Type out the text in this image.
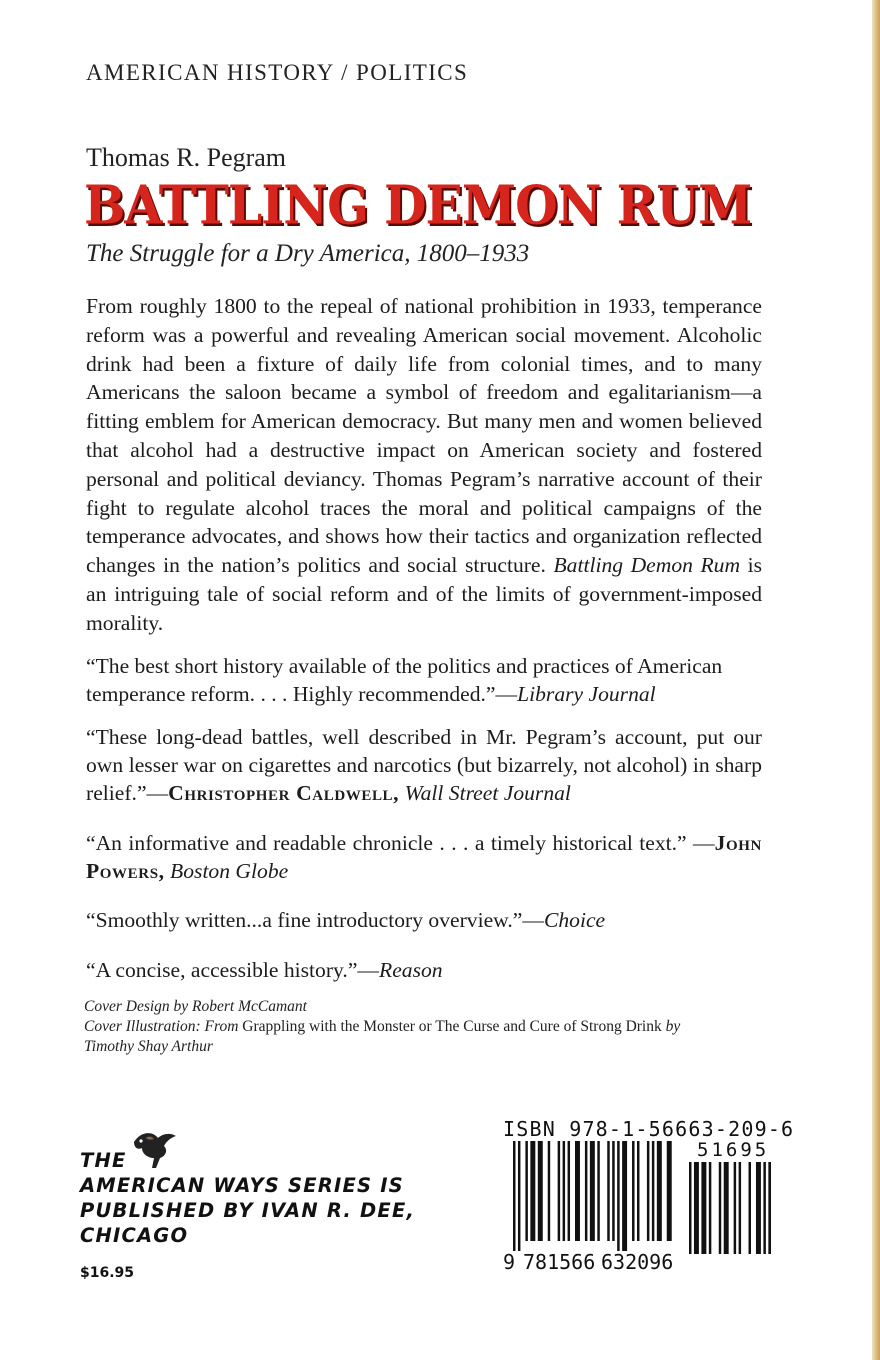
AMERICAN HISTORY / POLITICS
Thomas R. Pegram
BATTLING DEMON RUM
The Struggle for a Dry America, 1800–1933

From roughly 1800 to the repeal of national prohibition in 1933, temperance reform was a powerful and revealing American social movement. Alcoholic drink had been a fixture of daily life from colonial times, and to many Americans the saloon became a symbol of freedom and egalitarianism—a fitting emblem for American democracy. But many men and women believed that alcohol had a destructive impact on American society and fostered personal and political deviancy. Thomas Pegram’s narrative account of their fight to regulate alcohol traces the moral and political campaigns of the temperance advocates, and shows how their tactics and organization reflected changes in the nation’s politics and social structure. Battling Demon Rum is an intriguing tale of social reform and of the limits of government-imposed morality.

“The best short history available of the politics and practices of American temperance reform. . . . Highly recommended.”—Library Journal

“These long-dead battles, well described in Mr. Pegram’s account, put our own lesser war on cigarettes and narcotics (but bizarrely, not alcohol) in sharp relief.”—Christopher Caldwell, Wall Street Journal

“An informative and readable chronicle . . . a timely historical text.” —John Powers, Boston Globe

“Smoothly written...a fine introductory overview.”—Choice

“A concise, accessible history.”—Reason

Cover Design by Robert McCamant
Cover Illustration: From Grappling with the Monster or The Curse and Cure of Strong Drink by
Timothy Shay Arthur

THE
AMERICAN WAYS SERIES IS
PUBLISHED BY IVAN R. DEE,
CHICAGO
$16.95
ISBN 978-1-56663-209-6
51695
9 781566 632096
